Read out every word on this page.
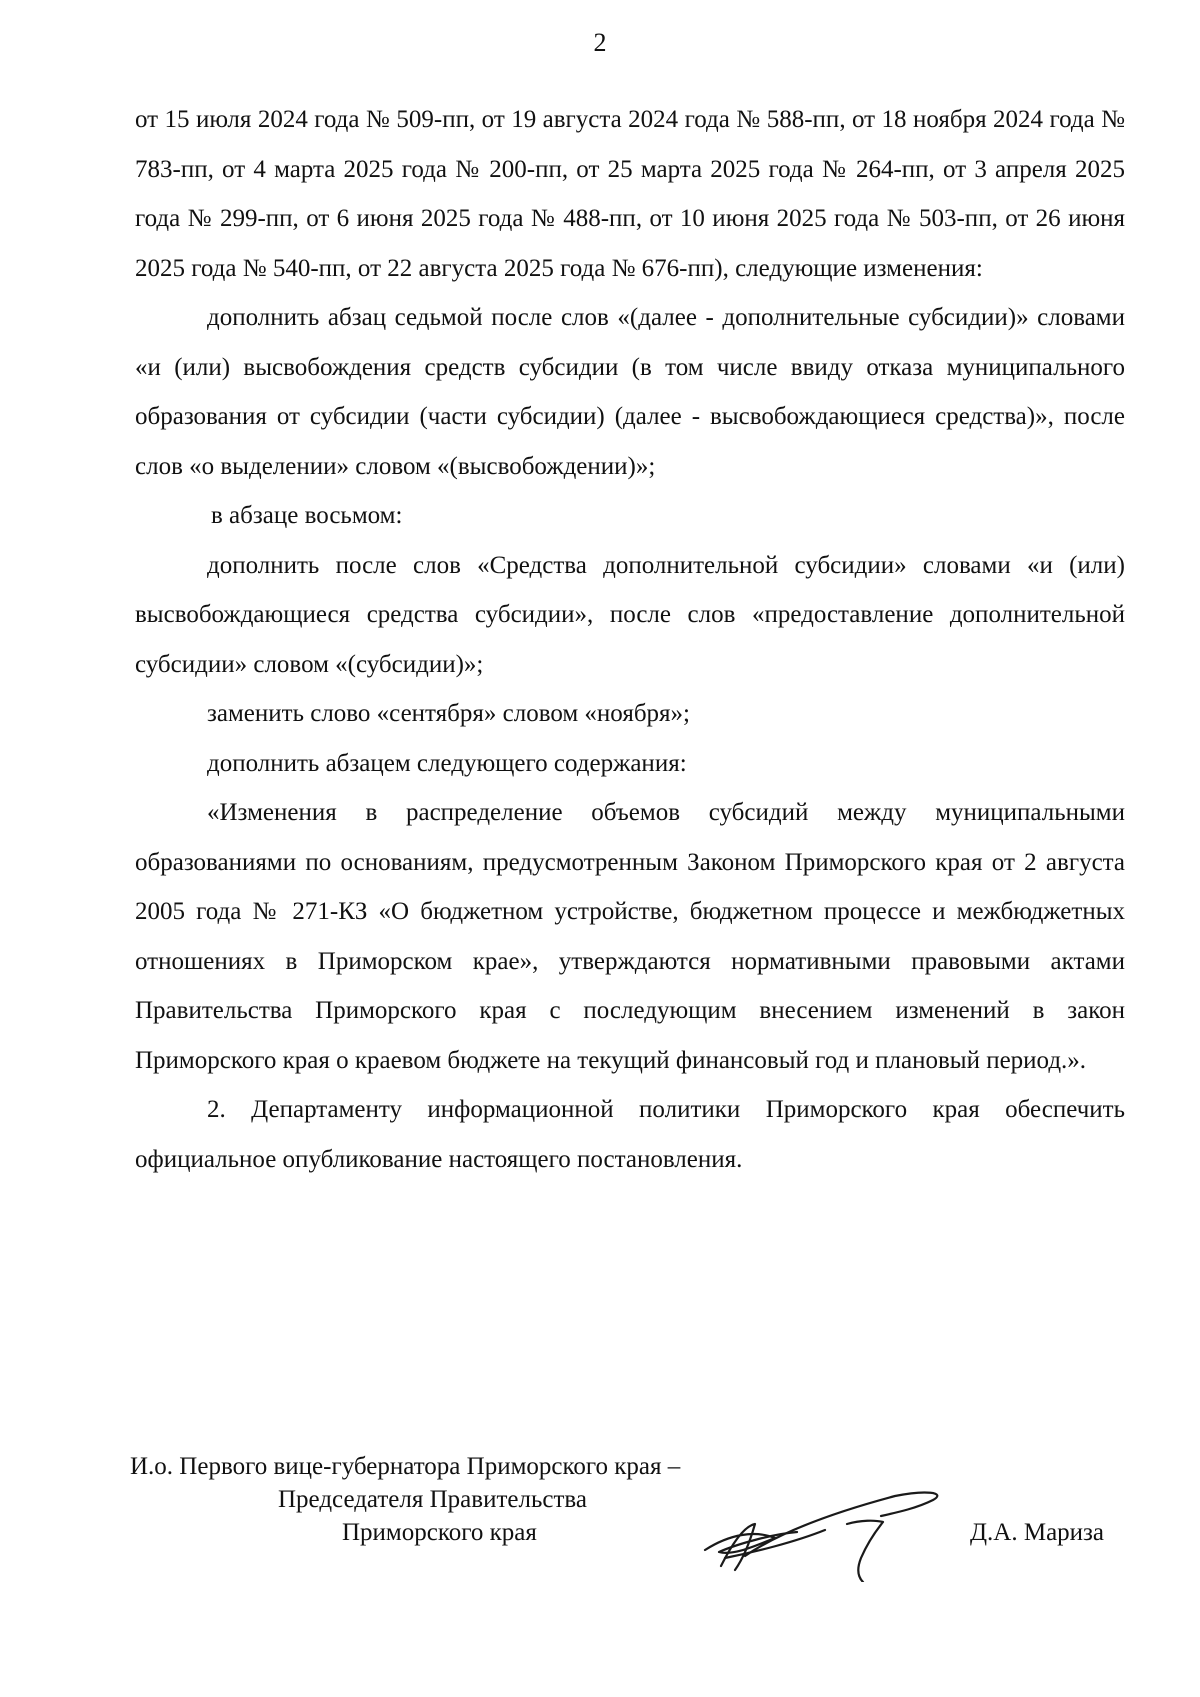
2

от 15 июля 2024 года № 509-пп, от 19 августа 2024 года № 588-пп, от 18 ноября 2024 года № 783-пп, от 4 марта 2025 года № 200-пп, от 25 марта 2025 года № 264-пп, от 3 апреля 2025 года № 299-пп, от 6 июня 2025 года № 488-пп, от 10 июня 2025 года № 503-пп, от 26 июня 2025 года № 540-пп, от 22 августа 2025 года № 676-пп), следующие изменения:

дополнить абзац седьмой после слов «(далее - дополнительные субсидии)» словами «и (или) высвобождения средств субсидии (в том числе ввиду отказа муниципального образования от субсидии (части субсидии) (далее - высвобождающиеся средства)», после слов «о выделении» словом «(высвобождении)»;

в абзаце восьмом:

дополнить после слов «Средства дополнительной субсидии» словами «и (или) высвобождающиеся средства субсидии», после слов «предоставление дополнительной субсидии» словом «(субсидии)»;

заменить слово «сентября» словом «ноября»;

дополнить абзацем следующего содержания:

«Изменения в распределение объемов субсидий между муниципальными образованиями по основаниям, предусмотренным Законом Приморского края от 2 августа 2005 года № 271-КЗ «О бюджетном устройстве, бюджетном процессе и межбюджетных отношениях в Приморском крае», утверждаются нормативными правовыми актами Правительства Приморского края с последующим внесением изменений в закон Приморского края о краевом бюджете на текущий финансовый год и плановый период.».

2. Департаменту информационной политики Приморского края обеспечить официальное опубликование настоящего постановления.

И.о. Первого вице-губернатора Приморского края –
Председателя Правительства
Приморского края	Д.А. Мариза
